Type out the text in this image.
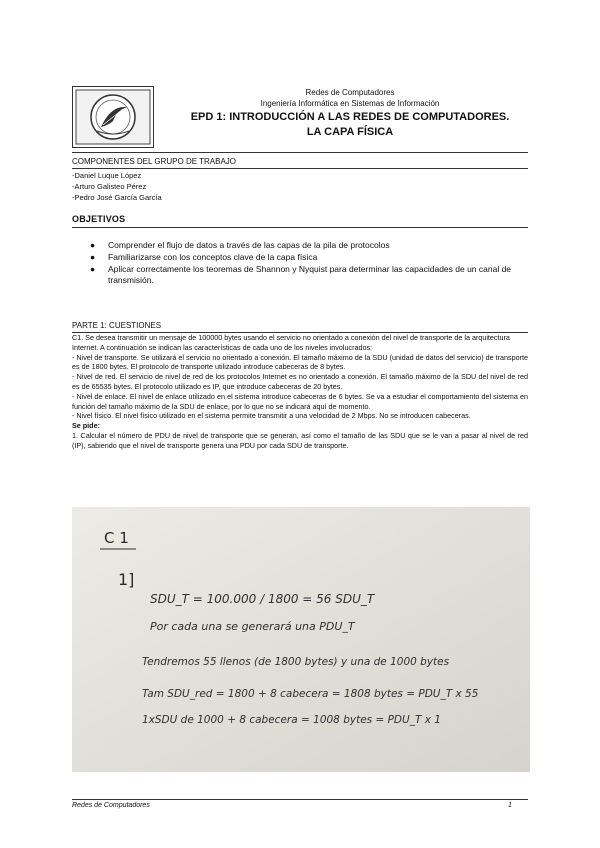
Redes de Computadores
Ingeniería Informática en Sistemas de Información
EPD 1: INTRODUCCIÓN A LAS REDES DE COMPUTADORES.
LA CAPA FÍSICA
COMPONENTES DEL GRUPO DE TRABAJO
-Daniel Luque López
-Arturo Galisteo Pérez
-Pedro José García García
OBJETIVOS
● Comprender el flujo de datos a través de las capas de la pila de protocolos
● Familiarizarse con los conceptos clave de la capa física
● Aplicar correctamente los teoremas de Shannon y Nyquist para determinar las capacidades de un canal de transmisión.
PARTE 1: CUESTIONES

C1. Se desea transmitir un mensaje de 100000 bytes usando el servicio no orientado a conexión del nivel de transporte de la arquitectura

Internet. A continuación se indican las características de cada uno de los niveles involucrados:

- Nivel de transporte. Se utilizará el servicio no orientado a conexión. El tamaño máximo de la SDU (unidad de datos del servicio) de transporte es de 1800 bytes. El protocolo de transporte utilizado introduce cabeceras de 8 bytes.

- Nivel de red. El servicio de nivel de red de los protocolos Internet es no orientado a conexión. El tamaño máximo de la SDU del nivel de red es de 65535 bytes. El protocolo utilizado es IP, que introduce cabeceras de 20 bytes.

- Nivel de enlace. El nivel de enlace utilizado en el sistema introduce cabeceras de 6 bytes. Se va a estudiar el comportamiento del sistema en función del tamaño máximo de la SDU de enlace, por lo que no se indicará aquí de momento.

- Nivel físico. El nivel físico utilizado en el sistema permite transmitir a una velocidad de 2 Mbps. No se introducen cabeceras.

Se pide:

1. Calcular el número de PDU de nivel de transporte que se generan, así como el tamaño de las SDU que se le van a pasar al nivel de red (IP), sabiendo que el nivel de transporte genera una PDU por cada SDU de transporte.

C 1
1]
SDU_T = 100.000 / 1800 = 56 SDU_T
Por cada una se generará una PDU_T
Tendremos 55 llenos (de 1800 bytes) y una de 1000 bytes
Tam SDU_red = 1800 + 8 cabecera = 1808 bytes = PDU_T x 55
1xSDU de 1000 + 8 cabecera = 1008 bytes = PDU_T x 1
Redes de Computadores	1
